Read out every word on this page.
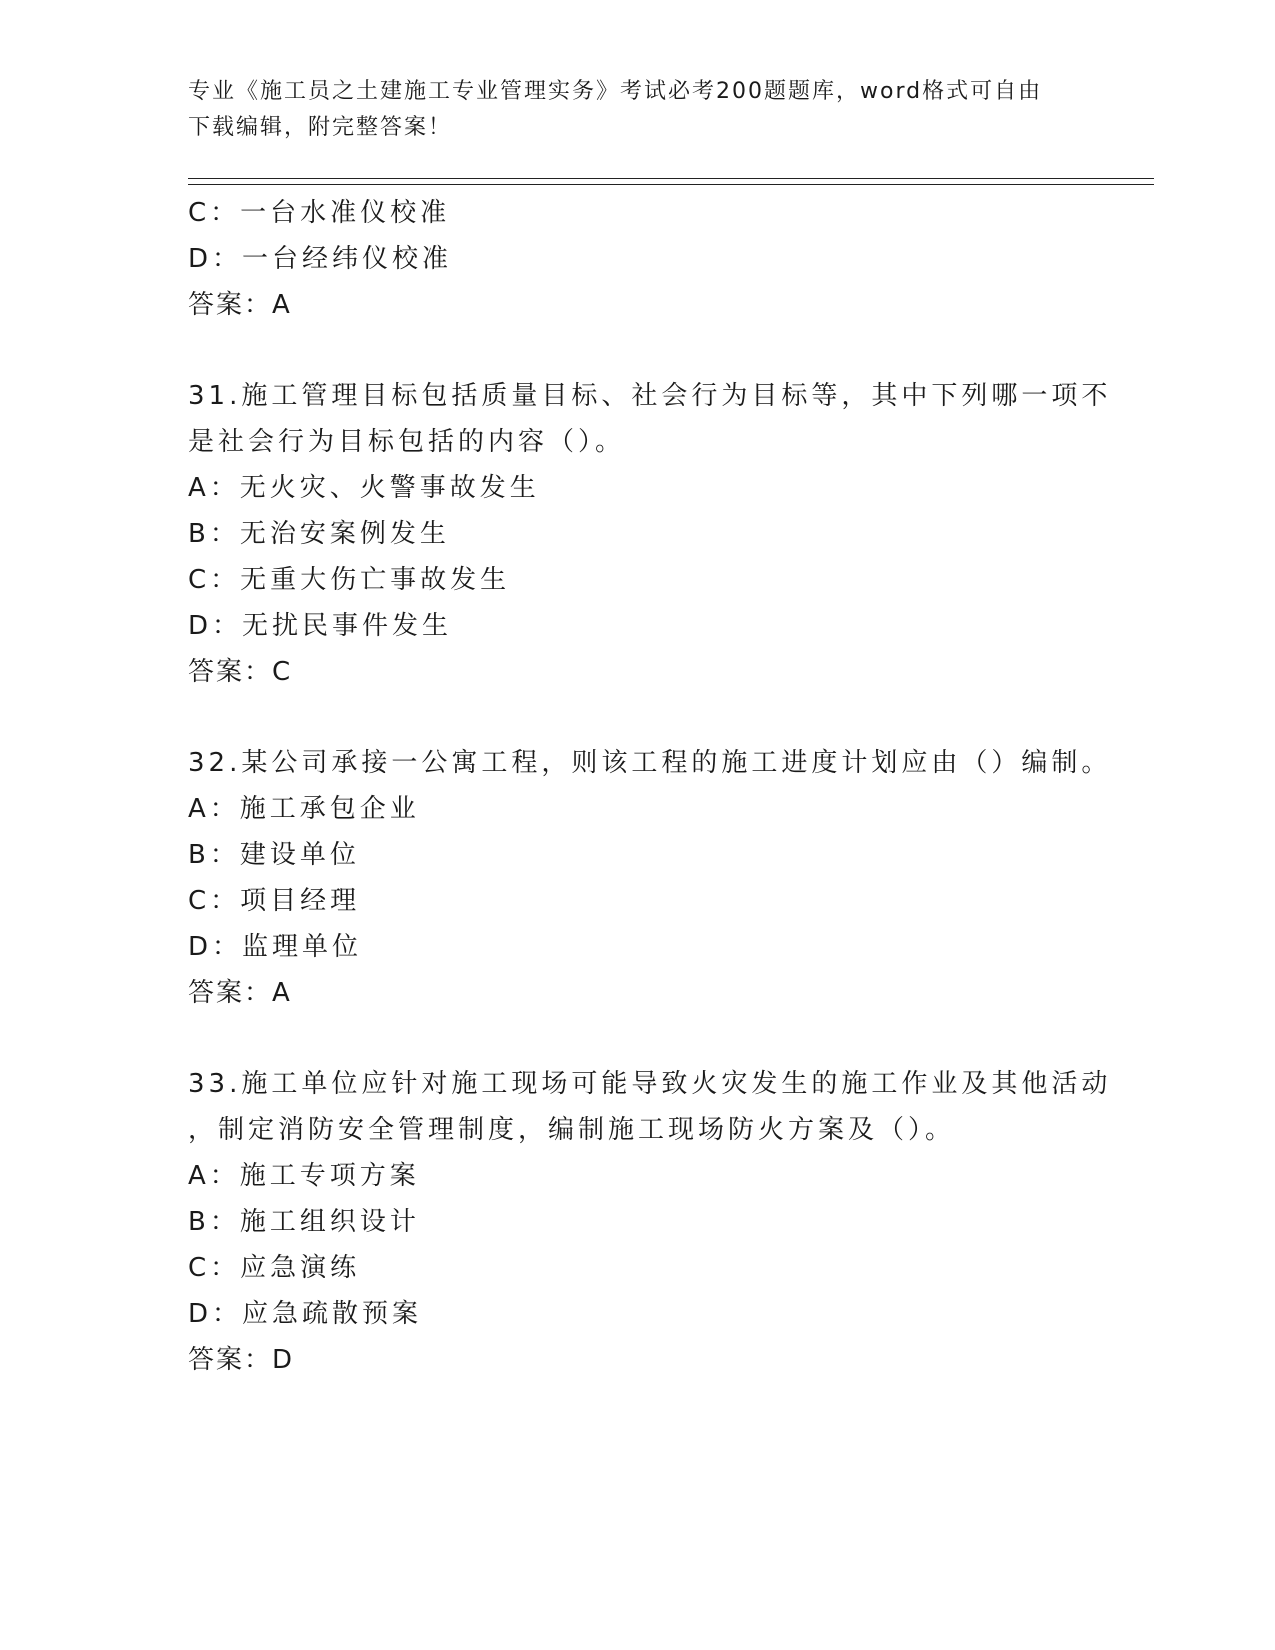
专业《施工员之土建施工专业管理实务》考试必考200题题库，word格式可自由
下载编辑，附完整答案！
C：一台水准仪校准
D：一台经纬仪校准
答案：A
31.施工管理目标包括质量目标、社会行为目标等，其中下列哪一项不
是社会行为目标包括的内容（）。
A：无火灾、火警事故发生
B：无治安案例发生
C：无重大伤亡事故发生
D：无扰民事件发生
答案：C
32.某公司承接一公寓工程，则该工程的施工进度计划应由（）编制。
A：施工承包企业
B：建设单位
C：项目经理
D：监理单位
答案：A
33.施工单位应针对施工现场可能导致火灾发生的施工作业及其他活动
，制定消防安全管理制度，编制施工现场防火方案及（）。
A：施工专项方案
B：施工组织设计
C：应急演练
D：应急疏散预案
答案：D
